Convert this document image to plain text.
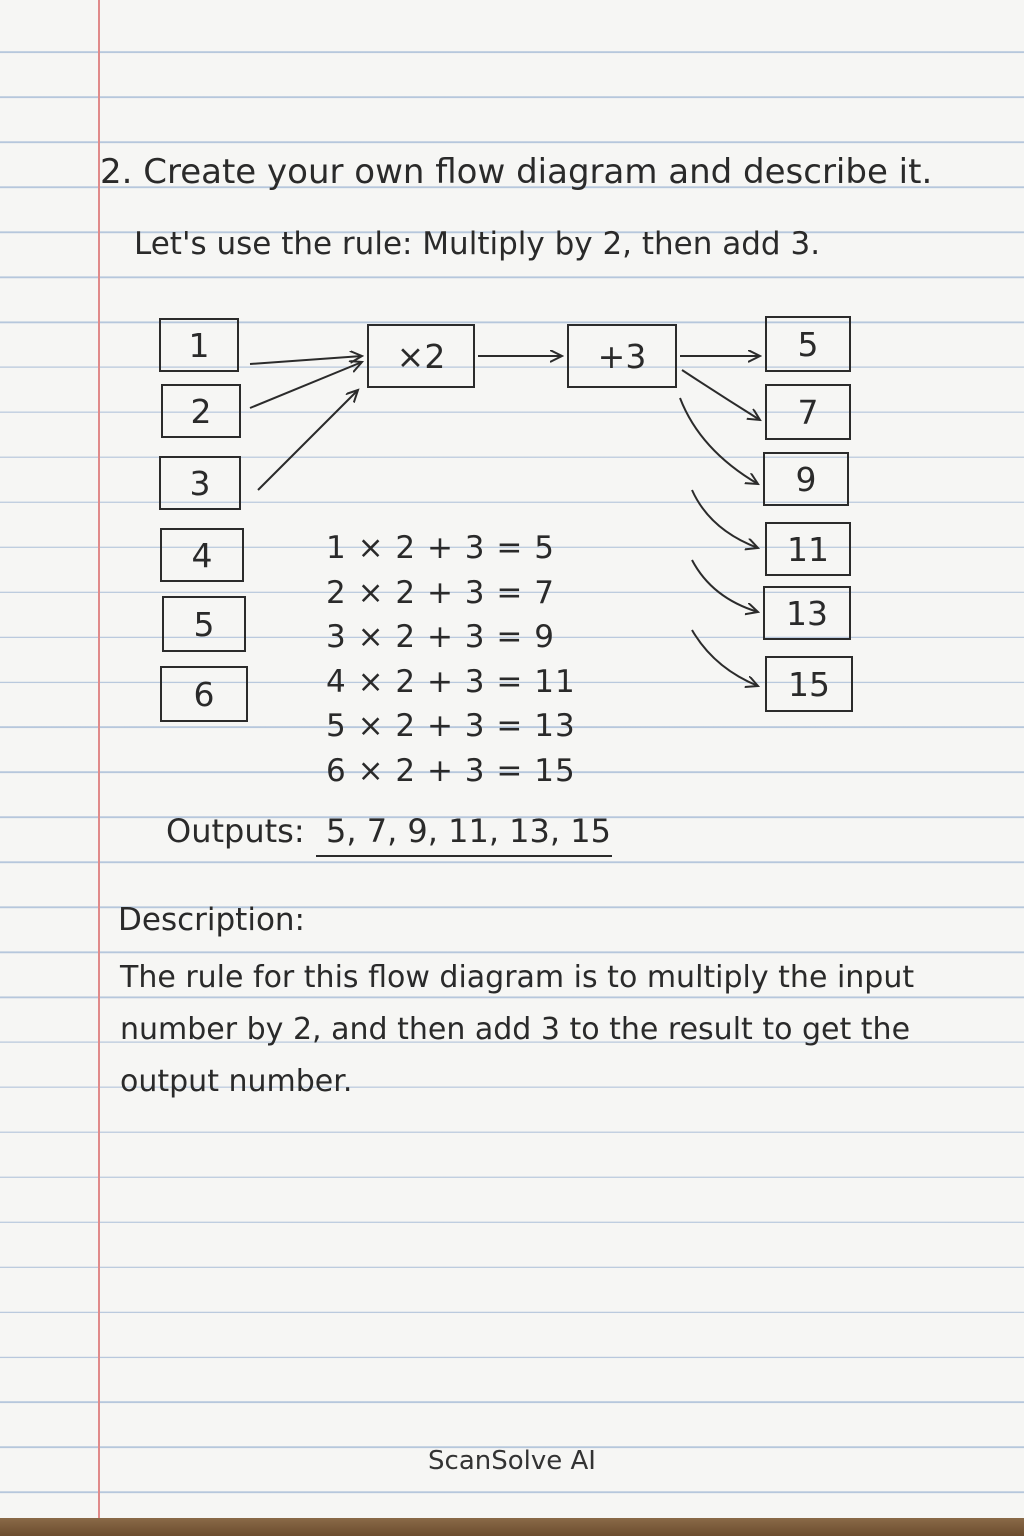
2. Create your own flow diagram and describe it.
Let's use the rule: Multiply by 2, then add 3.
1
2
3
4
5
6
×2	+3	5
7
9
11
13
15
1 × 2 + 3 = 5
2 × 2 + 3 = 7
3 × 2 + 3 = 9
4 × 2 + 3 = 11
5 × 2 + 3 = 13
6 × 2 + 3 = 15
Outputs: 5, 7, 9, 11, 13, 15
Description:
The rule for this flow diagram is to multiply the input number by 2, and then add 3 to the result to get the output number.
ScanSolve AI
